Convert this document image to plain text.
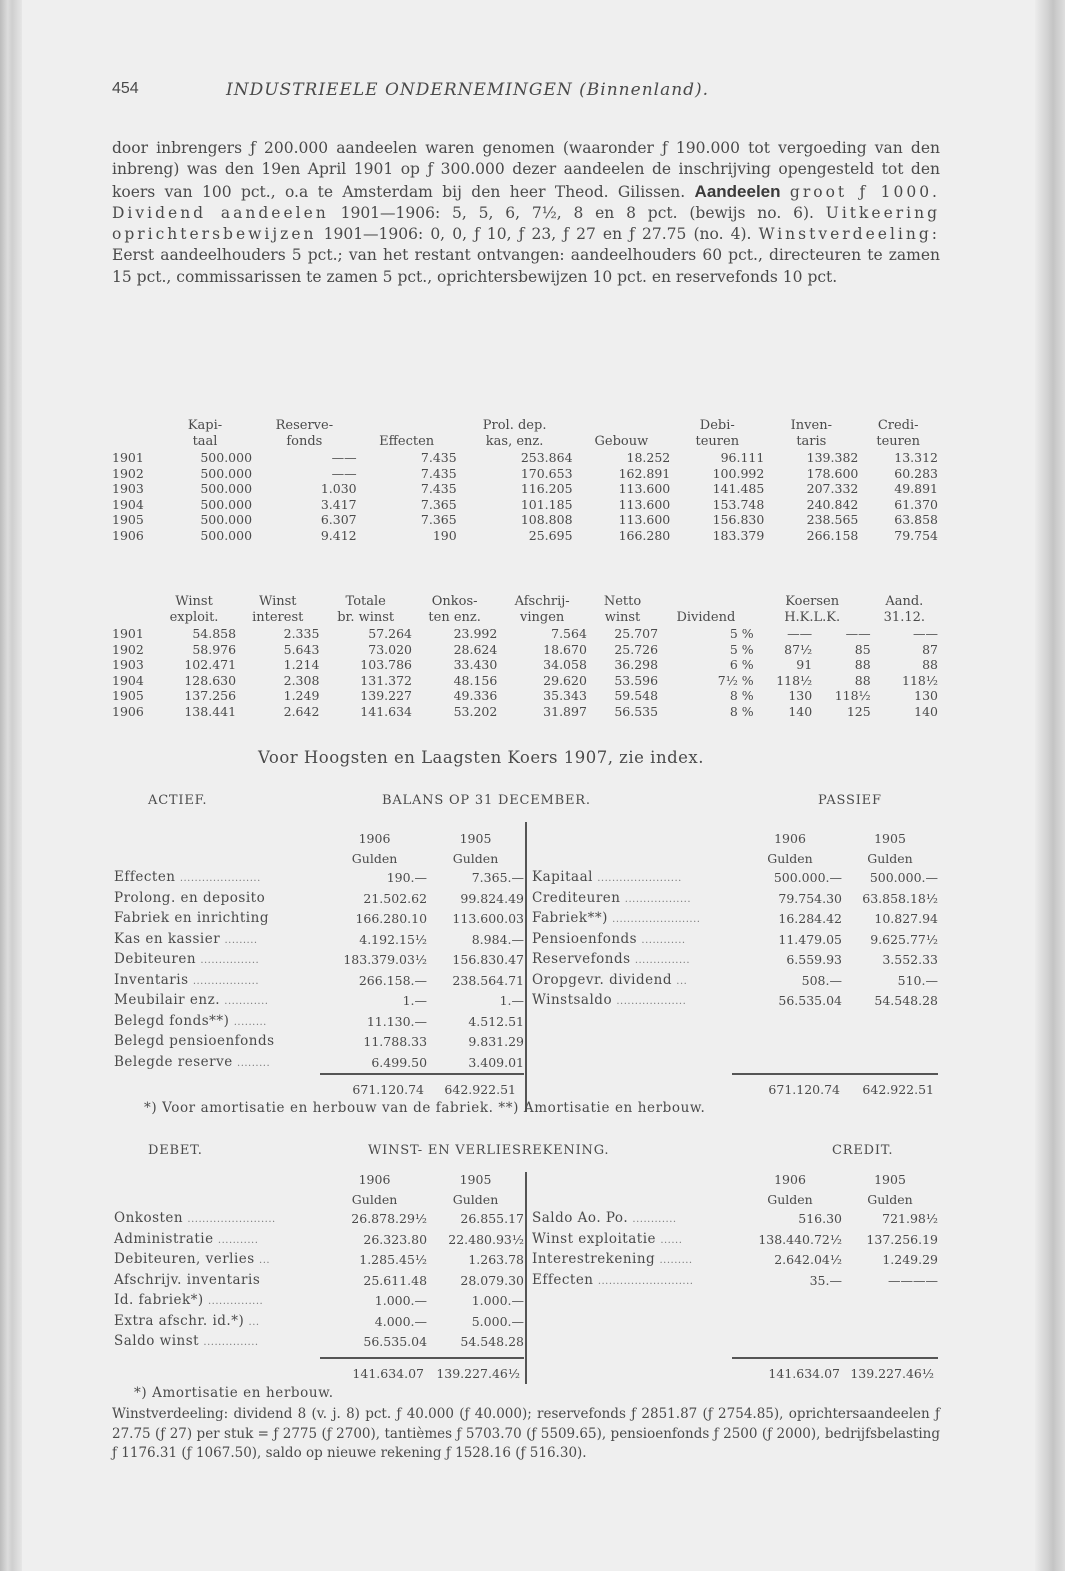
454	INDUSTRIEELE ONDERNEMINGEN (Binnenland).

door inbrengers ƒ 200.000 aandeelen waren genomen (waaronder ƒ 190.000 tot vergoeding van den inbreng) was den 19en April 1901 op ƒ 300.000 dezer aandeelen de inschrijving opengesteld tot den koers van 100 pct., o.a te Amsterdam bij den heer Theod. Gilissen. Aandeelen groot ƒ 1000. Dividend aandeelen 1901—1906: 5, 5, 6, 7½, 8 en 8 pct. (bewijs no. 6). Uitkeering oprichtersbewijzen 1901—1906: 0, 0, ƒ 10, ƒ 23, ƒ 27 en ƒ 27.75 (no. 4). Winstverdeeling: Eerst aandeelhouders 5 pct.; van het restant ontvangen: aandeelhouders 60 pct., directeuren te zamen 15 pct., commissarissen te zamen 5 pct., oprichtersbewijzen 10 pct. en reservefonds 10 pct.

	Kapi-	Reserve-		Prol. dep.		Debi-	Inven-	Credi-
	taal	fonds	Effecten	kas, enz.	Gebouw	teuren	taris	teuren
1901	500.000	——	7.435	253.864	18.252	96.111	139.382	13.312
1902	500.000	——	7.435	170.653	162.891	100.992	178.600	60.283
1903	500.000	1.030	7.435	116.205	113.600	141.485	207.332	49.891
1904	500.000	3.417	7.365	101.185	113.600	153.748	240.842	61.370
1905	500.000	6.307	7.365	108.808	113.600	156.830	238.565	63.858
1906	500.000	9.412	190	25.695	166.280	183.379	266.158	79.754
	Winst	Winst	Totale	Onkos-	Afschrij-	Netto		Koersen		Aand.
	exploit.	interest	br. winst	ten enz.	vingen	winst	Dividend	H.K.L.K.		31.12.
1901	54.858	2.335	57.264	23.992	7.564	25.707	5 %	——	——	——
1902	58.976	5.643	73.020	28.624	18.670	25.726	5 %	87½	85	87
1903	102.471	1.214	103.786	33.430	34.058	36.298	6 %	91	88	88
1904	128.630	2.308	131.372	48.156	29.620	53.596	7½ %	118½	88	118½
1905	137.256	1.249	139.227	49.336	35.343	59.548	8 %	130	118½	130
1906	138.441	2.642	141.634	53.202	31.897	56.535	8 %	140	125	140
Voor Hoogsten en Laagsten Koers 1907, zie index.
ACTIEF.	BALANS OP 31 DECEMBER.	PASSIEF
	1906	1905
	Gulden	Gulden
Effecten ......................	190.—	7.365.—
Prolong. en deposito	21.502.62	99.824.49
Fabriek en inrichting	166.280.10	113.600.03
Kas en kassier .........	4.192.15½	8.984.—
Debiteuren ................	183.379.03½	156.830.47
Inventaris ..................	266.158.—	238.564.71
Meubilair enz. ............	1.—	1.—
Belegd fonds**) .........	11.130.—	4.512.51
Belegd pensioenfonds	11.788.33	9.831.29
Belegde reserve .........	6.499.50	3.409.01
	1906	1905
	Gulden	Gulden
Kapitaal .......................	500.000.—	500.000.—
Crediteuren ..................	79.754.30	63.858.18½
Fabriek**) ........................	16.284.42	10.827.94
Pensioenfonds ............	11.479.05	9.625.77½
Reservefonds ...............	6.559.93	3.552.33
Oropgevr. dividend ...	508.—	510.—
Winstsaldo ...................	56.535.04	54.548.28
671.120.74 642.922.51	671.120.74 642.922.51
*) Voor amortisatie en herbouw van de fabriek. **) Amortisatie en herbouw.
DEBET.	WINST- EN VERLIESREKENING.	CREDIT.
	1906	1905
	Gulden	Gulden
Onkosten ........................	26.878.29½	26.855.17
Administratie ...........	26.323.80	22.480.93½
Debiteuren, verlies ...	1.285.45½	1.263.78
Afschrijv. inventaris	25.611.48	28.079.30
Id. fabriek*) ...............	1.000.—	1.000.—
Extra afschr. id.*) ...	4.000.—	5.000.—
Saldo winst ...............	56.535.04	54.548.28
	1906	1905
	Gulden	Gulden
Saldo Ao. Po. ............	516.30	721.98½
Winst exploitatie ......	138.440.72½	137.256.19
Interestrekening .........	2.642.04½	1.249.29
Effecten ..........................	35.—	————
141.634.07 139.227.46½	141.634.07 139.227.46½
*) Amortisatie en herbouw.

Winstverdeeling: dividend 8 (v. j. 8) pct. ƒ 40.000 (ƒ 40.000); reservefonds ƒ 2851.87 (ƒ 2754.85), oprichtersaandeelen ƒ 27.75 (ƒ 27) per stuk = ƒ 2775 (ƒ 2700), tantièmes ƒ 5703.70 (ƒ 5509.65), pensioenfonds ƒ 2500 (ƒ 2000), bedrijfsbelasting ƒ 1176.31 (ƒ 1067.50), saldo op nieuwe rekening ƒ 1528.16 (ƒ 516.30).
